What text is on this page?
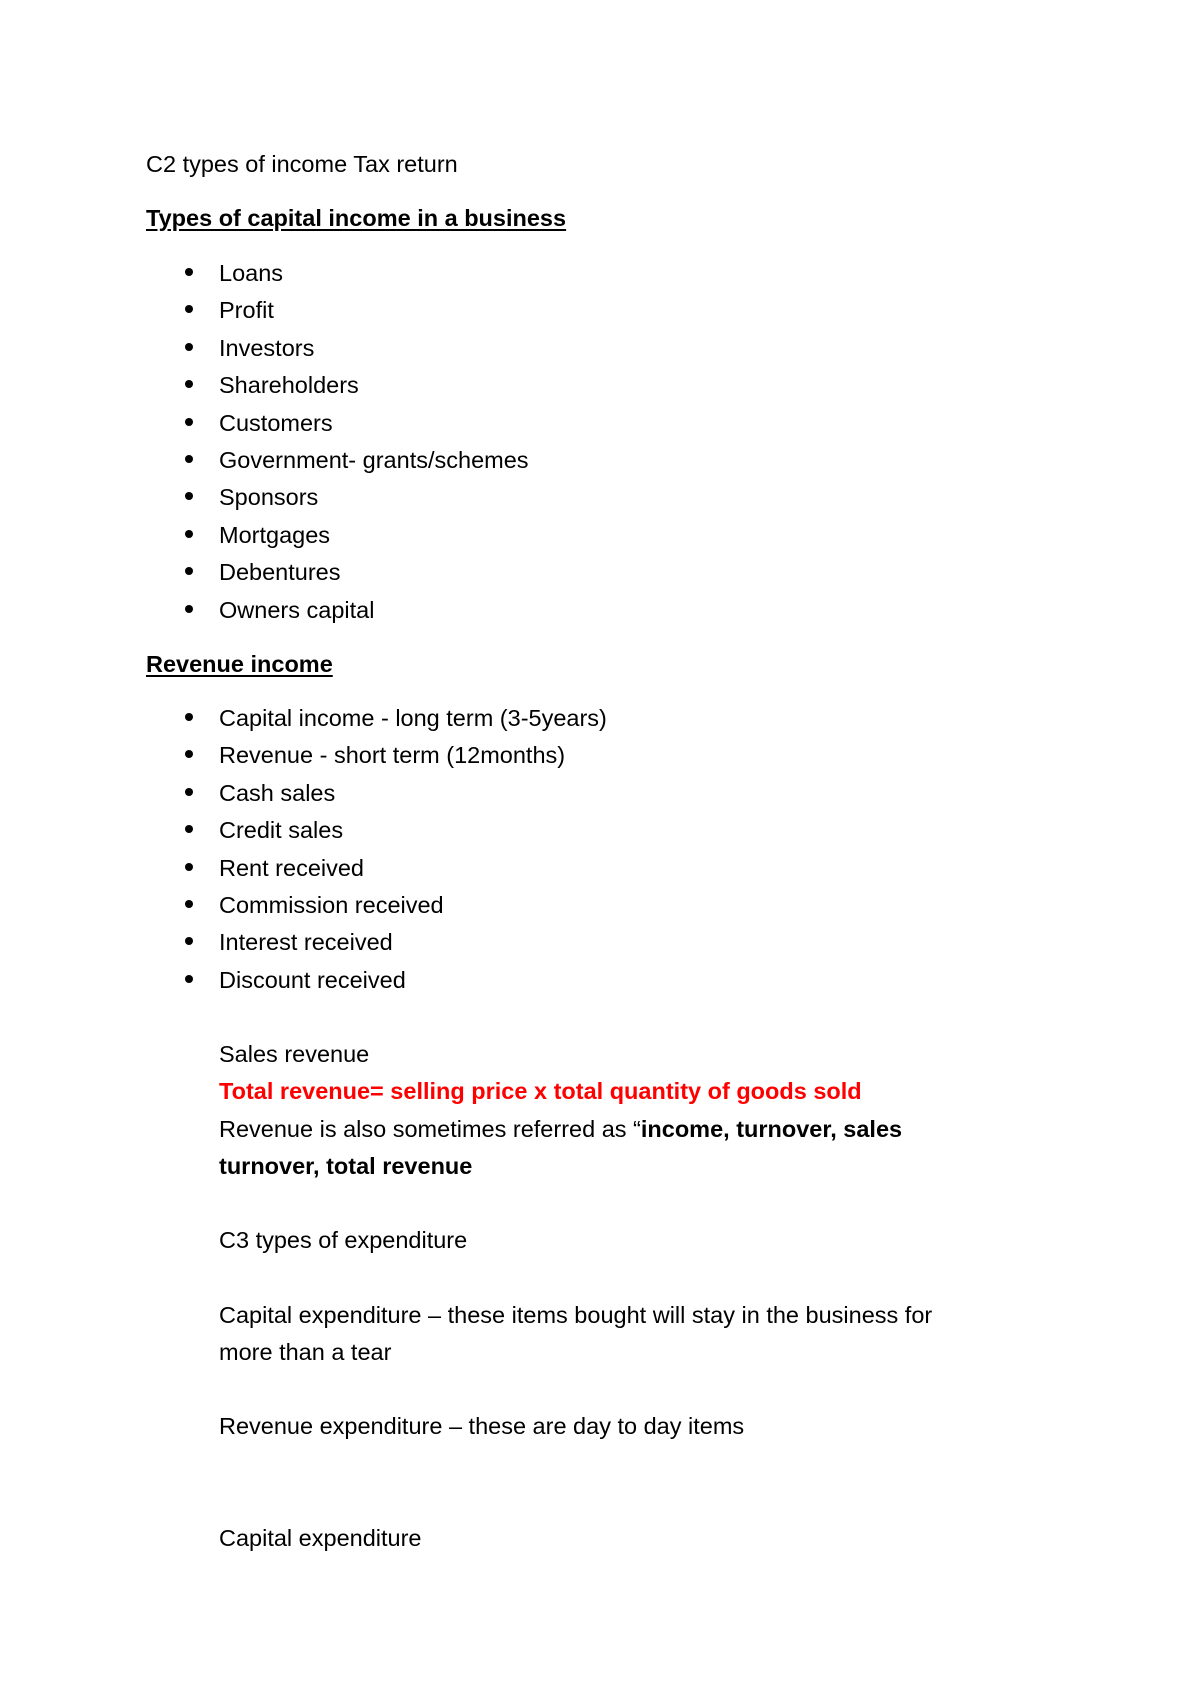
C2 types of income Tax return
Types of capital income in a business
Loans
Profit
Investors
Shareholders
Customers
Government- grants/schemes
Sponsors
Mortgages
Debentures
Owners capital
Revenue income
Capital income - long term (3-5years)
Revenue - short term (12months)
Cash sales
Credit sales
Rent received
Commission received
Interest received
Discount received
Sales revenue
Total revenue= selling price x total quantity of goods sold
Revenue is also sometimes referred as “income, turnover, sales
turnover, total revenue
C3 types of expenditure
Capital expenditure – these items bought will stay in the business for
more than a tear
Revenue expenditure – these are day to day items
Capital expenditure
